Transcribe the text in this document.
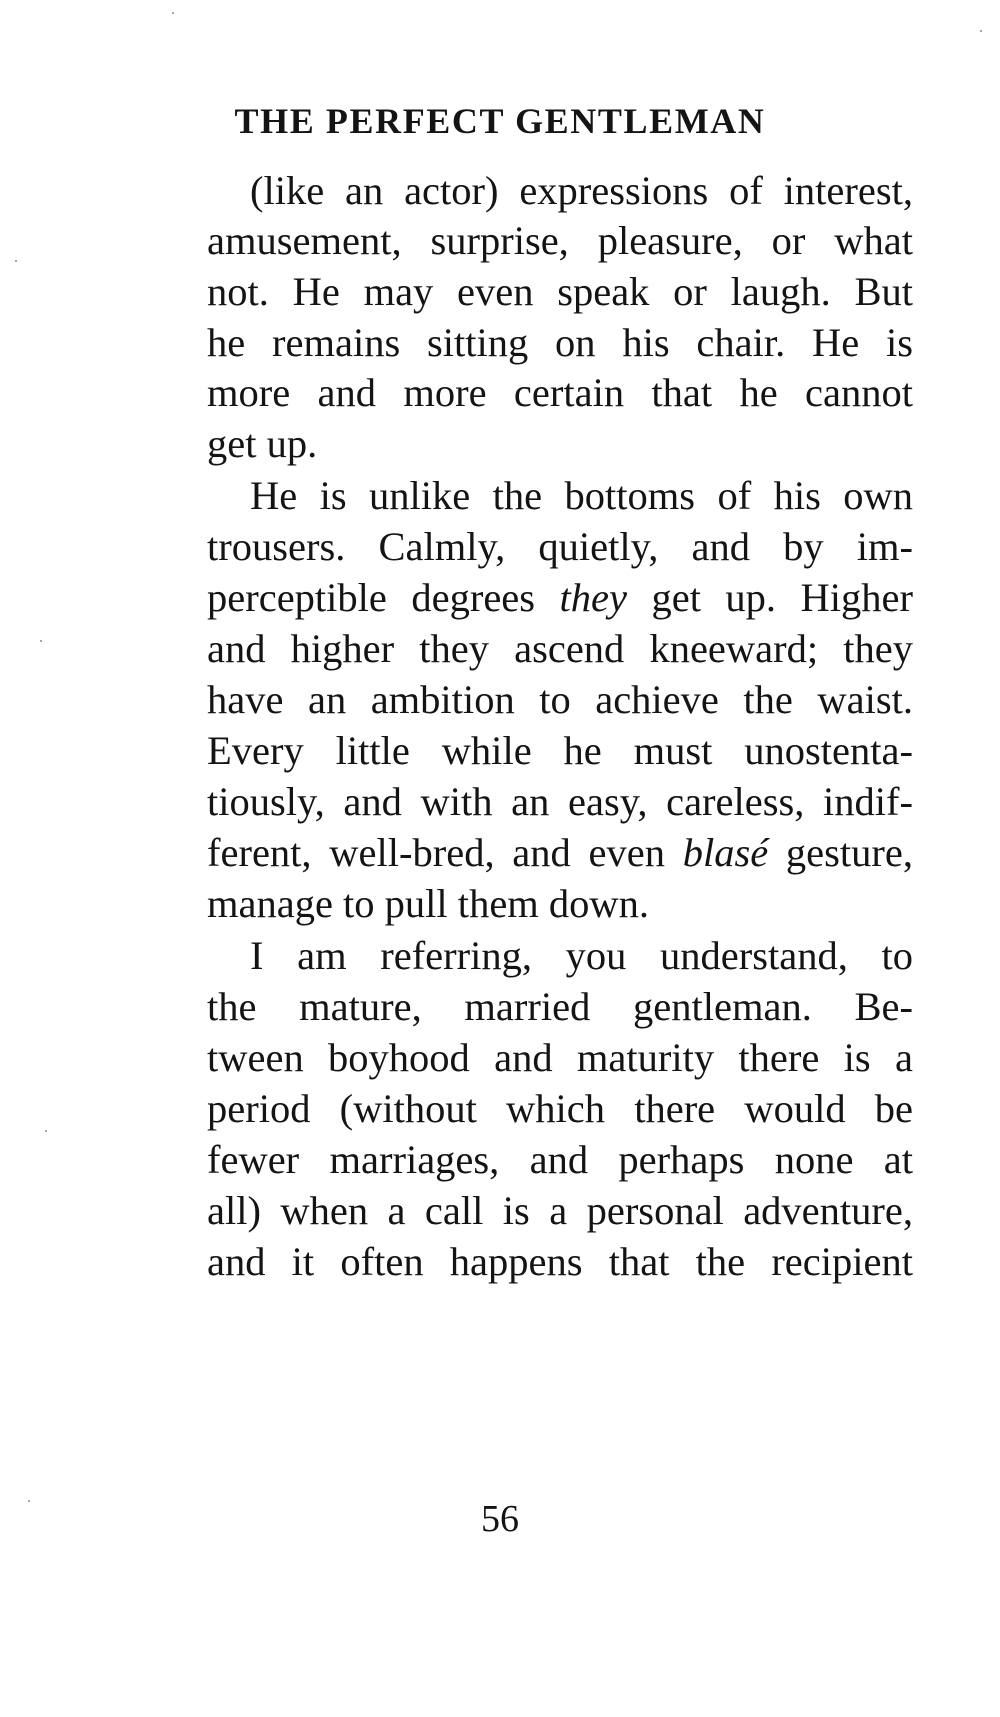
THE PERFECT GENTLEMAN
(like an actor) expressions of interest,
amusement, surprise, pleasure, or what
not. He may even speak or laugh. But
he remains sitting on his chair. He is
more and more certain that he cannot
get up.
He is unlike the bottoms of his own
trousers. Calmly, quietly, and by im-
perceptible degrees they get up. Higher
and higher they ascend kneeward; they
have an ambition to achieve the waist.
Every little while he must unostenta-
tiously, and with an easy, careless, indif-
ferent, well-bred, and even blasé gesture,
manage to pull them down.
I am referring, you understand, to
the mature, married gentleman. Be-
tween boyhood and maturity there is a
period (without which there would be
fewer marriages, and perhaps none at
all) when a call is a personal adventure,
and it often happens that the recipient
56
